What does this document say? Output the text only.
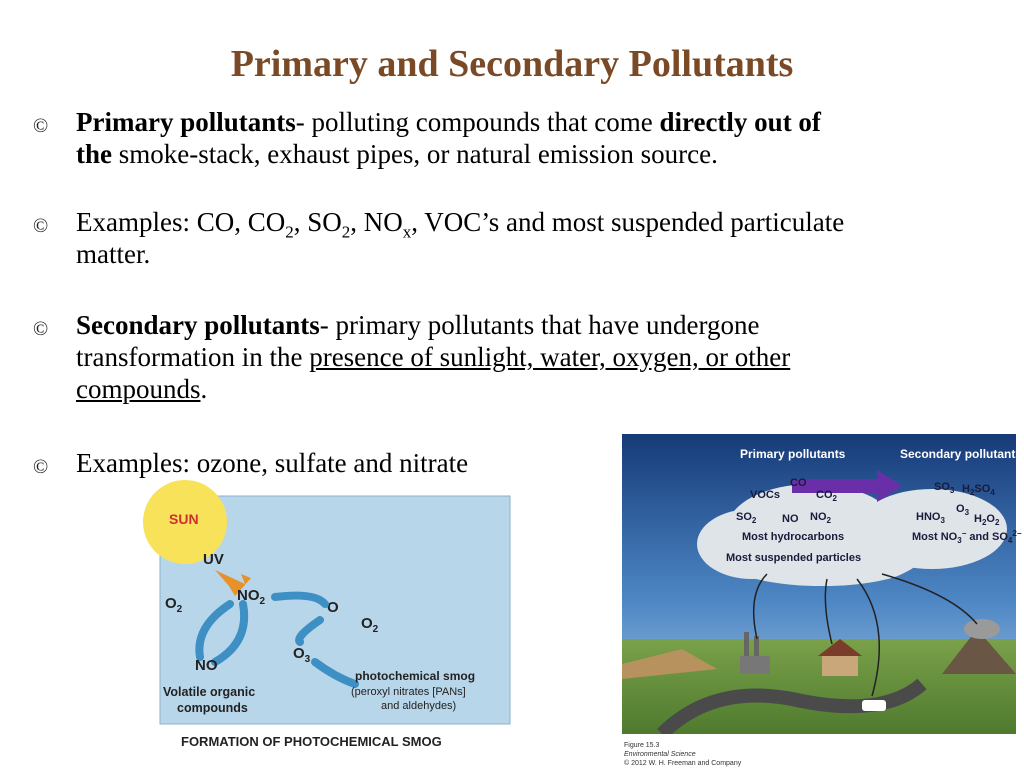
Primary and Secondary Pollutants
© Primary pollutants- polluting compounds that come directly out of
the smoke-stack, exhaust pipes, or natural emission source.
© Examples: CO, $CO_2$, $SO_2$, $NO_x$, VOC’s and most suspended particulate
matter.
© Secondary pollutants- primary pollutants that have undergone
transformation in the presence of sunlight, water, oxygen, or other
compounds.
© Examples: ozone, sulfate and nitrate
SUN
UV
$NO_2$
$O_2$	O
$O_2$
NO
$O_3$
Volatile organic
compounds
photochemical smog
(peroxyl nitrates [PANs]
and aldehydes)
FORMATION OF PHOTOCHEMICAL SMOG
Primary pollutants	Secondary pollutants
CO
VOCs	$CO_2$
$SO_2$ NO $NO_2$
Most hydrocarbons
Most suspended particles
$SO_3$ $H_2SO_4$
$O_3$
$HNO_3$	$H_2O_2$
Most $NO_3^-$ and $SO_4^{2-}$
Figure 15.3
Environmental Science
© 2012 W. H. Freeman and Company
